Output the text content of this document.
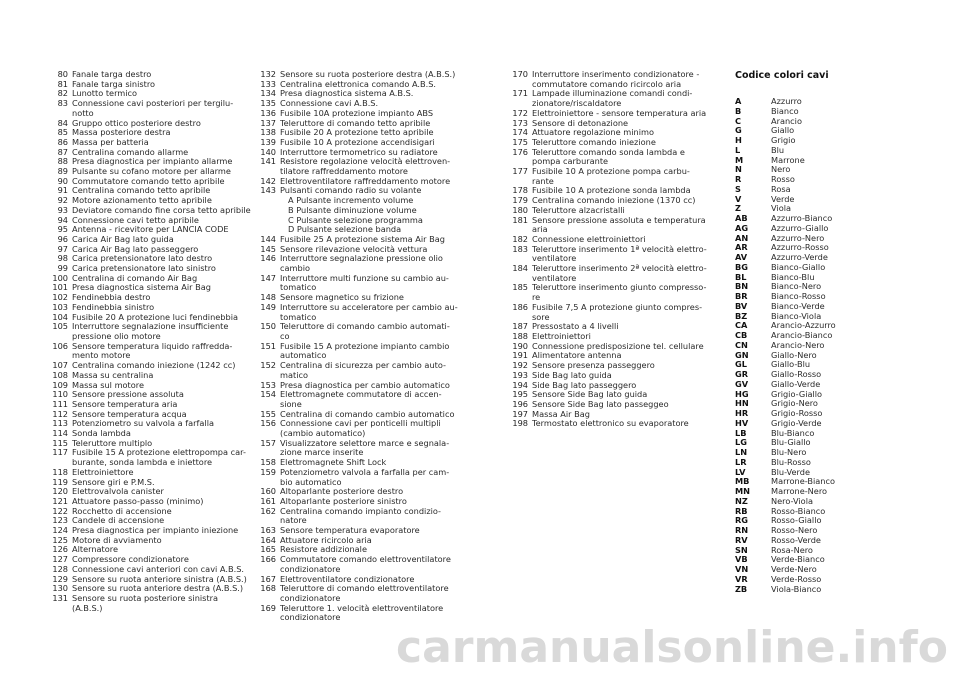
80 Fanale targa destro
81 Fanale targa sinistro
82 Lunotto termico
83 Connessione cavi posteriori per tergilu-
notto
84 Gruppo ottico posteriore destro
85 Massa posteriore destra
86 Massa per batteria
87 Centralina comando allarme
88 Presa diagnostica per impianto allarme
89 Pulsante su cofano motore per allarme
90 Commutatore comando tetto apribile
91 Centralina comando tetto apribile
92 Motore azionamento tetto apribile
93 Deviatore comando fine corsa tetto apribile
94 Connessione cavi tetto apribile
95 Antenna - ricevitore per LANCIA CODE
96 Carica Air Bag lato guida
97 Carica Air Bag lato passeggero
98 Carica pretensionatore lato destro
99 Carica pretensionatore lato sinistro
100 Centralina di comando Air Bag
101 Presa diagnostica sistema Air Bag
102 Fendinebbia destro
103 Fendinebbia sinistro
104 Fusibile 20 A protezione luci fendinebbia
105 Interruttore segnalazione insufficiente
pressione olio motore
106 Sensore temperatura liquido raffredda-
mento motore
107 Centralina comando iniezione (1242 cc)
108 Massa su centralina
109 Massa sul motore
110 Sensore pressione assoluta
111 Sensore temperatura aria
112 Sensore temperatura acqua
113 Potenziometro su valvola a farfalla
114 Sonda lambda
115 Teleruttore multiplo
117 Fusibile 15 A protezione elettropompa car-
burante, sonda lambda e iniettore
118 Elettroiniettore
119 Sensore giri e P.M.S.
120 Elettrovalvola canister
121 Attuatore passo-passo (minimo)
122 Rocchetto di accensione
123 Candele di accensione
124 Presa diagnostica per impianto iniezione
125 Motore di avviamento
126 Alternatore
127 Compressore condizionatore
128 Connessione cavi anteriori con cavi A.B.S.
129 Sensore su ruota anteriore sinistra (A.B.S.)
130 Sensore su ruota anteriore destra (A.B.S.)
131 Sensore su ruota posteriore sinistra
(A.B.S.)
132 Sensore su ruota posteriore destra (A.B.S.)
133 Centralina elettronica comando A.B.S.
134 Presa diagnostica sistema A.B.S.
135 Connessione cavi A.B.S.
136 Fusibile 10A protezione impianto ABS
137 Teleruttore di comando tetto apribile
138 Fusibile 20 A protezione tetto apribile
139 Fusibile 10 A protezione accendisigari
140 Interruttore termometrico su radiatore
141 Resistore regolazione velocità elettroven-
tilatore raffreddamento motore
142 Elettroventilatore raffreddamento motore
143 Pulsanti comando radio su volante
A Pulsante incremento volume
B Pulsante diminuzione volume
C Pulsante selezione programma
D Pulsante selezione banda
144 Fusibile 25 A protezione sistema Air Bag
145 Sensore rilevazione velocità vettura
146 Interruttore segnalazione pressione olio
cambio
147 Interruttore multi funzione su cambio au-
tomatico
148 Sensore magnetico su frizione
149 Interruttore su acceleratore per cambio au-
tomatico
150 Teleruttore di comando cambio automati-
co
151 Fusibile 15 A protezione impianto cambio
automatico
152 Centralina di sicurezza per cambio auto-
matico
153 Presa diagnostica per cambio automatico
154 Elettromagnete commutatore di accen-
sione
155 Centralina di comando cambio automatico
156 Connessione cavi per ponticelli multipli
(cambio automatico)
157 Visualizzatore selettore marce e segnala-
zione marce inserite
158 Elettromagnete Shift Lock
159 Potenziometro valvola a farfalla per cam-
bio automatico
160 Altoparlante posteriore destro
161 Altoparlante posteriore sinistro
162 Centralina comando impianto condizio-
natore
163 Sensore temperatura evaporatore
164 Attuatore ricircolo aria
165 Resistore addizionale
166 Commutatore comando elettroventilatore
condizionatore
167 Elettroventilatore condizionatore
168 Teleruttore di comando elettroventilatore
condizionatore
169 Teleruttore 1. velocità elettroventilatore
condizionatore
170 Interruttore inserimento condizionatore -
commutatore comando ricircolo aria
171 Lampade illuminazione comandi condi-
zionatore/riscaldatore
172 Elettroiniettore - sensore temperatura aria
173 Sensore di detonazione
174 Attuatore regolazione minimo
175 Teleruttore comando iniezione
176 Teleruttore comando sonda lambda e
pompa carburante
177 Fusibile 10 A protezione pompa carbu-
rante
178 Fusibile 10 A protezione sonda lambda
179 Centralina comando iniezione (1370 cc)
180 Teleruttore alzacristalli
181 Sensore pressione assoluta e temperatura
aria
182 Connessione elettroiniettori
183 Teleruttore inserimento 1ª velocità elettro-
ventilatore
184 Teleruttore inserimento 2ª velocità elettro-
ventilatore
185 Teleruttore inserimento giunto compresso-
re
186 Fusibile 7,5 A protezione giunto compres-
sore
187 Pressostato a 4 livelli
188 Elettroiniettori
190 Connessione predisposizione tel. cellulare
191 Alimentatore antenna
192 Sensore presenza passeggero
193 Side Bag lato guida
194 Side Bag lato passeggero
195 Sensore Side Bag lato guida
196 Sensore Side Bag lato passeggeo
197 Massa Air Bag
198 Termostato elettronico su evaporatore
Codice colori cavi
A	Azzurro
B	Bianco
C	Arancio
G	Giallo
H	Grigio
L	Blu
M	Marrone
N	Nero
R	Rosso
S	Rosa
V	Verde
Z	Viola
AB	Azzurro-Bianco
AG	Azzurro-Giallo
AN	Azzurro-Nero
AR	Azzurro-Rosso
AV	Azzurro-Verde
BG	Bianco-Giallo
BL	Bianco-Blu
BN	Bianco-Nero
BR	Bianco-Rosso
BV	Bianco-Verde
BZ	Bianco-Viola
CA	Arancio-Azzurro
CB	Arancio-Bianco
CN	Arancio-Nero
GN	Giallo-Nero
GL	Giallo-Blu
GR	Giallo-Rosso
GV	Giallo-Verde
HG	Grigio-Giallo
HN	Grigio-Nero
HR	Grigio-Rosso
HV	Grigio-Verde
LB	Blu-Bianco
LG	Blu-Giallo
LN	Blu-Nero
LR	Blu-Rosso
LV	Blu-Verde
MB	Marrone-Bianco
MN	Marrone-Nero
NZ	Nero-Viola
RB	Rosso-Bianco
RG	Rosso-Giallo
RN	Rosso-Nero
RV	Rosso-Verde
SN	Rosa-Nero
VB	Verde-Bianco
VN	Verde-Nero
VR	Verde-Rosso
ZB	Viola-Bianco
carmanualsonline.info
